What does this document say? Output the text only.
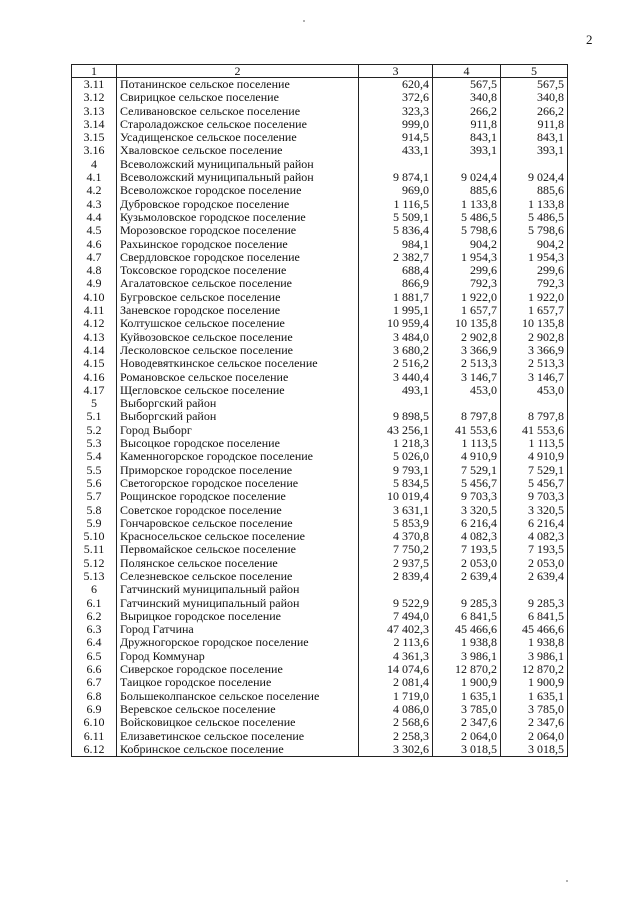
2
1	2	3	4	5
3.11	Потанинское сельское поселение	620,4	567,5	567,5
3.12	Свирицкое сельское поселение	372,6	340,8	340,8
3.13	Селивановское сельское поселение	323,3	266,2	266,2
3.14	Староладожское сельское поселение	999,0	911,8	911,8
3.15	Усадищенское сельское поселение	914,5	843,1	843,1
3.16	Хваловское сельское поселение	433,1	393,1	393,1
4	Всеволожский муниципальный район			
4.1	Всеволожский муниципальный район	9 874,1	9 024,4	9 024,4
4.2	Всеволожское городское поселение	969,0	885,6	885,6
4.3	Дубровское городское поселение	1 116,5	1 133,8	1 133,8
4.4	Кузьмоловское городское поселение	5 509,1	5 486,5	5 486,5
4.5	Морозовское городское поселение	5 836,4	5 798,6	5 798,6
4.6	Рахьинское городское поселение	984,1	904,2	904,2
4.7	Свердловское городское поселение	2 382,7	1 954,3	1 954,3
4.8	Токсовское городское поселение	688,4	299,6	299,6
4.9	Агалатовское сельское поселение	866,9	792,3	792,3
4.10	Бугровское сельское поселение	1 881,7	1 922,0	1 922,0
4.11	Заневское городское поселение	1 995,1	1 657,7	1 657,7
4.12	Колтушское сельское поселение	10 959,4	10 135,8	10 135,8
4.13	Куйвозовское сельское поселение	3 484,0	2 902,8	2 902,8
4.14	Лесколовское сельское поселение	3 680,2	3 366,9	3 366,9
4.15	Новодевяткинское сельское поселение	2 516,2	2 513,3	2 513,3
4.16	Романовское сельское поселение	3 440,4	3 146,7	3 146,7
4.17	Щегловское сельское поселение	493,1	453,0	453,0
5	Выборгский район			
5.1	Выборгский район	9 898,5	8 797,8	8 797,8
5.2	Город Выборг	43 256,1	41 553,6	41 553,6
5.3	Высоцкое городское поселение	1 218,3	1 113,5	1 113,5
5.4	Каменногорское городское поселение	5 026,0	4 910,9	4 910,9
5.5	Приморское городское поселение	9 793,1	7 529,1	7 529,1
5.6	Светогорское городское поселение	5 834,5	5 456,7	5 456,7
5.7	Рощинское городское поселение	10 019,4	9 703,3	9 703,3
5.8	Советское городское поселение	3 631,1	3 320,5	3 320,5
5.9	Гончаровское сельское поселение	5 853,9	6 216,4	6 216,4
5.10	Красносельское сельское поселение	4 370,8	4 082,3	4 082,3
5.11	Первомайское сельское поселение	7 750,2	7 193,5	7 193,5
5.12	Полянское сельское поселение	2 937,5	2 053,0	2 053,0
5.13	Селезневское сельское поселение	2 839,4	2 639,4	2 639,4
6	Гатчинский муниципальный район			
6.1	Гатчинский муниципальный район	9 522,9	9 285,3	9 285,3
6.2	Вырицкое городское поселение	7 494,0	6 841,5	6 841,5
6.3	Город Гатчина	47 402,3	45 466,6	45 466,6
6.4	Дружногорское городское поселение	2 113,6	1 938,8	1 938,8
6.5	Город Коммунар	4 361,3	3 986,1	3 986,1
6.6	Сиверское городское поселение	14 074,6	12 870,2	12 870,2
6.7	Таицкое городское поселение	2 081,4	1 900,9	1 900,9
6.8	Большеколпанское сельское поселение	1 719,0	1 635,1	1 635,1
6.9	Веревское сельское поселение	4 086,0	3 785,0	3 785,0
6.10	Войсковицкое сельское поселение	2 568,6	2 347,6	2 347,6
6.11	Елизаветинское сельское поселение	2 258,3	2 064,0	2 064,0
6.12	Кобринское сельское поселение	3 302,6	3 018,5	3 018,5
